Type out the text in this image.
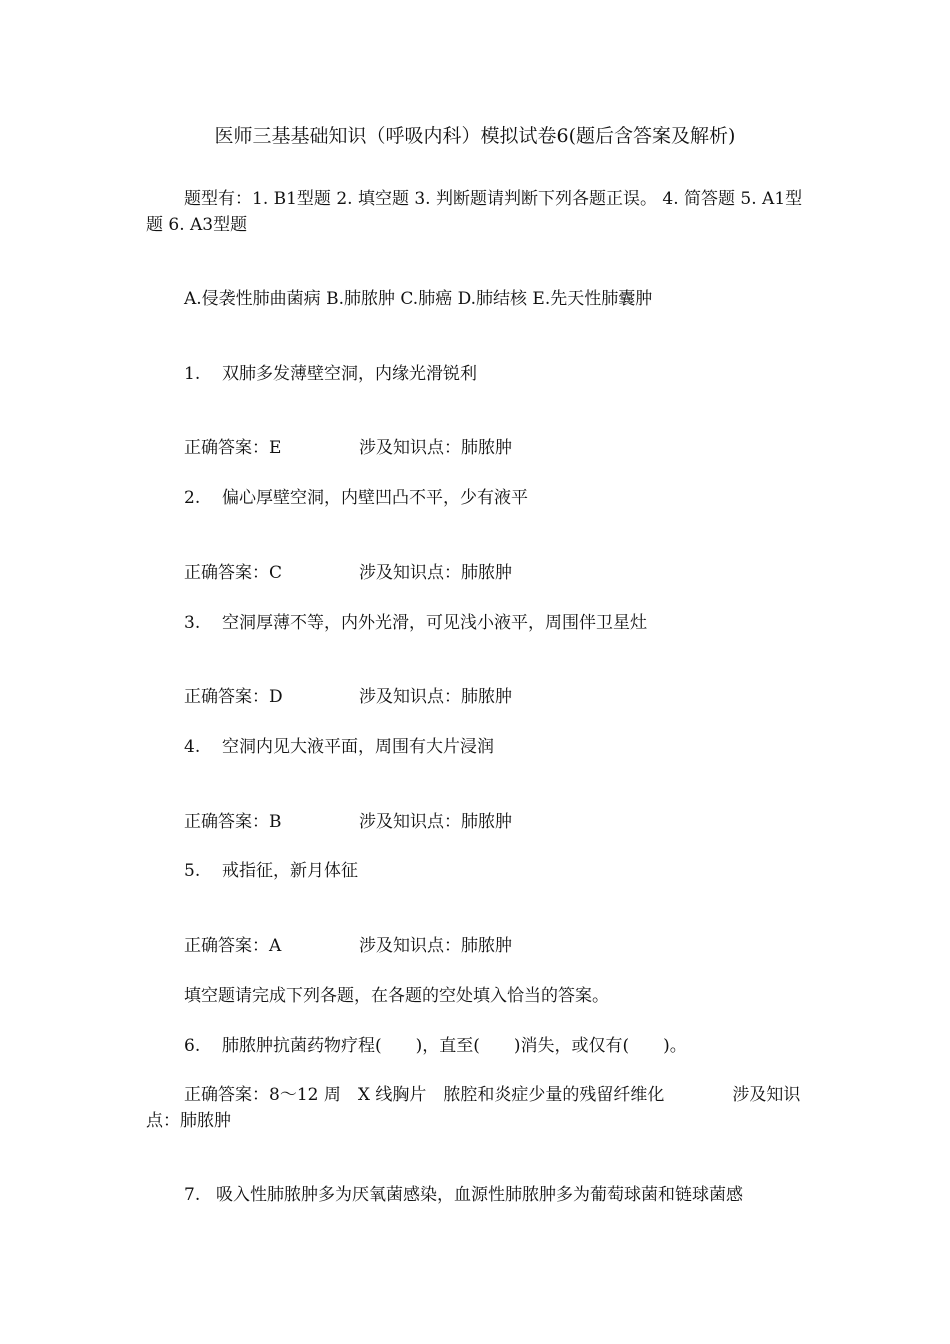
医师三基基础知识（呼吸内科）模拟试卷6(题后含答案及解析)
题型有：1. B1型题 2. 填空题 3. 判断题请判断下列各题正误。 4. 简答题 5. A1型题 6. A3型题
A.侵袭性肺曲菌病 B.肺脓肿 C.肺癌 D.肺结核 E.先天性肺囊肿
1. 双肺多发薄壁空洞，内缘光滑锐利
正确答案：E	涉及知识点：肺脓肿
2. 偏心厚壁空洞，内壁凹凸不平，少有液平
正确答案：C	涉及知识点：肺脓肿
3. 空洞厚薄不等，内外光滑，可见浅小液平，周围伴卫星灶
正确答案：D	涉及知识点：肺脓肿
4. 空洞内见大液平面，周围有大片浸润
正确答案：B	涉及知识点：肺脓肿
5. 戒指征，新月体征
正确答案：A	涉及知识点：肺脓肿
填空题请完成下列各题，在各题的空处填入恰当的答案。
6. 肺脓肿抗菌药物疗程(　　)，直至(　　)消失，或仅有(　　)。
正确答案：8～12 周　X 线胸片　脓腔和炎症少量的残留纤维化　　　　涉及知识点：肺脓肿
7. 吸入性肺脓肿多为厌氧菌感染，血源性肺脓肿多为葡萄球菌和链球菌感
